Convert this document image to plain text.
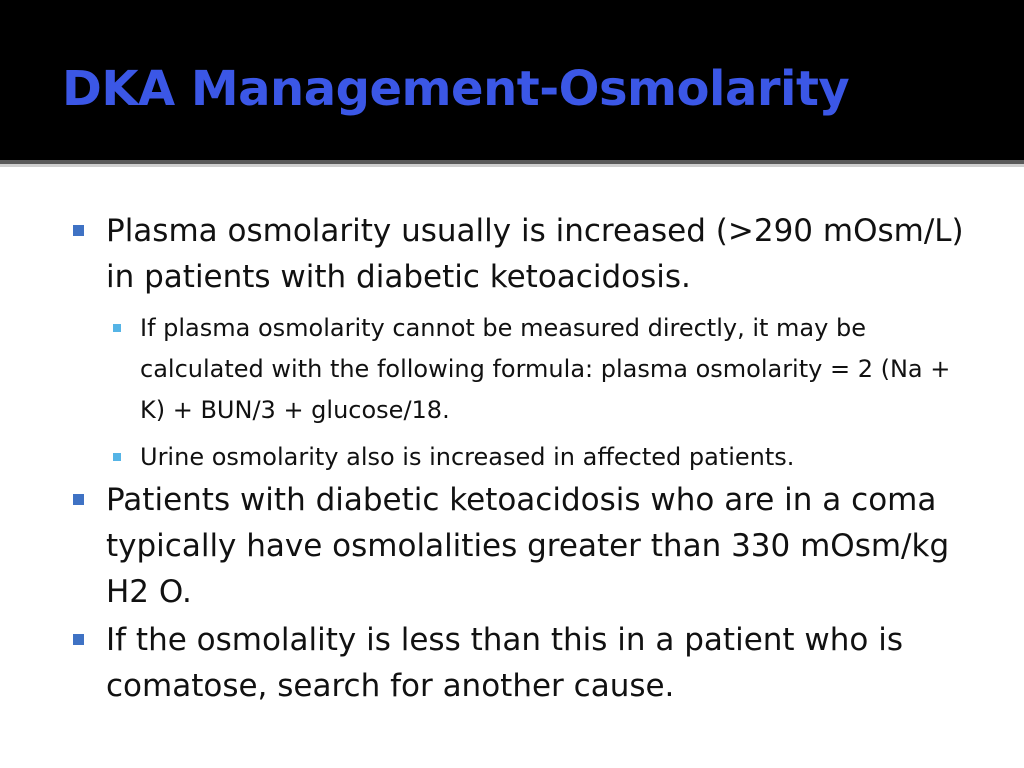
DKA Management-Osmolarity
Plasma osmolarity usually is increased (>290 mOsm/L) in patients with diabetic ketoacidosis.
If plasma osmolarity cannot be measured directly, it may be calculated with the following formula: plasma osmolarity = 2 (Na + K) + BUN/3 + glucose/18.
Urine osmolarity also is increased in affected patients.
Patients with diabetic ketoacidosis who are in a coma typically have osmolalities greater than 330 mOsm/kg H2 O.
If the osmolality is less than this in a patient who is comatose, search for another cause.
